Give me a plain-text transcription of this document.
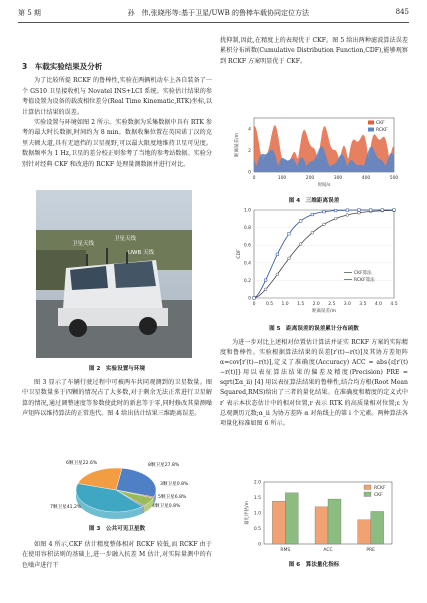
第 5 期	孙　伟,张晓彤等:基于卫星/UWB 的鲁棒车载协同定位方法	845
3　车载实验结果及分析

为了比较所提 RCKF 的鲁棒性,实验在两辆机动车上各自装备了一个 GS10 卫星接收机与 Novatel INS+LCI 系统。实验估计结果的参考值设置为设备的载波相位差分(Real Time Kinematic,RTK)坐标,以计算估计结果的误差。

实验设置与环境如图 2 所示。实验数据为采集数据中具有 RTK 参考的最大时长数据,时间约为 8 min。数据收集位置在英国诺丁汉的克里夫顿大道,具有无遮挡的卫星视野,可以最大限度地维持卫星可见度。数据频率为 1 Hz,卫星的差分校正则参考了当地的参考站数据。实验分别针对经典 CKF 和改进的 RCKF 处理量测数据并进行对比。

卫星天线
卫星天线
UWB 天线
图 2　实验设置与环境

图 3 显示了车辆行驶过程中可被两车共同观测到的卫星数量。图中卫星数量多于四颗的情况占了大多数,对于剩余无法正常进行卫星解算的情况,通过调整速度等参数使此时的新息等于零,同时修改其量测噪声矩阵以维持算法的正常迭代。图 4 给出估计结果三维距离误差。

8颗卫星27.8%
3颗卫星0.8%
5颗卫星6.8%
4颗卫星0.8%
7颗卫星41.2%
6颗卫星22.6%
图 3　公共可见卫星数

如图 4 所示,CKF 估计精度整体相对 RCKF 较低,而 RCKF 由于在使用容积法则的基础上,进一步融入抗差 M 估计,对实际量测中的有色噪声进行干

扰抑制,因此,在精度上的表现优于 CKF。图 5 给出两种滤波算法误差累积分布函数(Cumulative Distribution Function,CDF),能够观察到 RCKF 方案明显优于 CKF。

0	100	200	300	400	500
0
2
4
时间/s
距离误差/m
CKF
RCKF
图 4　三维距离误差
0
0.2
0.4
0.6
0.8
1.0
0 0.5 1.0 1.5 2.0 2.5 3.0 3.5 4.0 4.5
距离误差/m
CDF
CKF算法
RCKF算法
图 5　距离误差的误差累计分布函数

为进一步对比上述相对位置估计算法并证实 RCKF 方案的实际精度和鲁棒性。实验根据算法结果的误差[r′(t)−r(t)]及其协方差矩阵 α=cov[r′(t)−r(t)],定义了准确度(Accuracy) ACC = abs{ε[r′(t)−r(t)]}用以表征算法结果的偏差及精度(Precision) PRE = sqrt(Σα_ii) [4] 用以表征算法结果的鲁棒性,结合均方根(Root Mean Squared,RMS)给出了三者的量化结果。在准确度和精度的定义式中 r′ 表示本状态估计中的相对位置,r 表示 RTK 的高质量相对位置;ε 为总观测历元数;α_ii 为协方差阵 α 对角线上的第 i 个元素。两种算法各项量化标准如图 6 所示。

0
0.5
1.0
1.5
2.0
RMS	ACC	PRE
量化评估/m
RCKF
CKF
图 6　算法量化指标
